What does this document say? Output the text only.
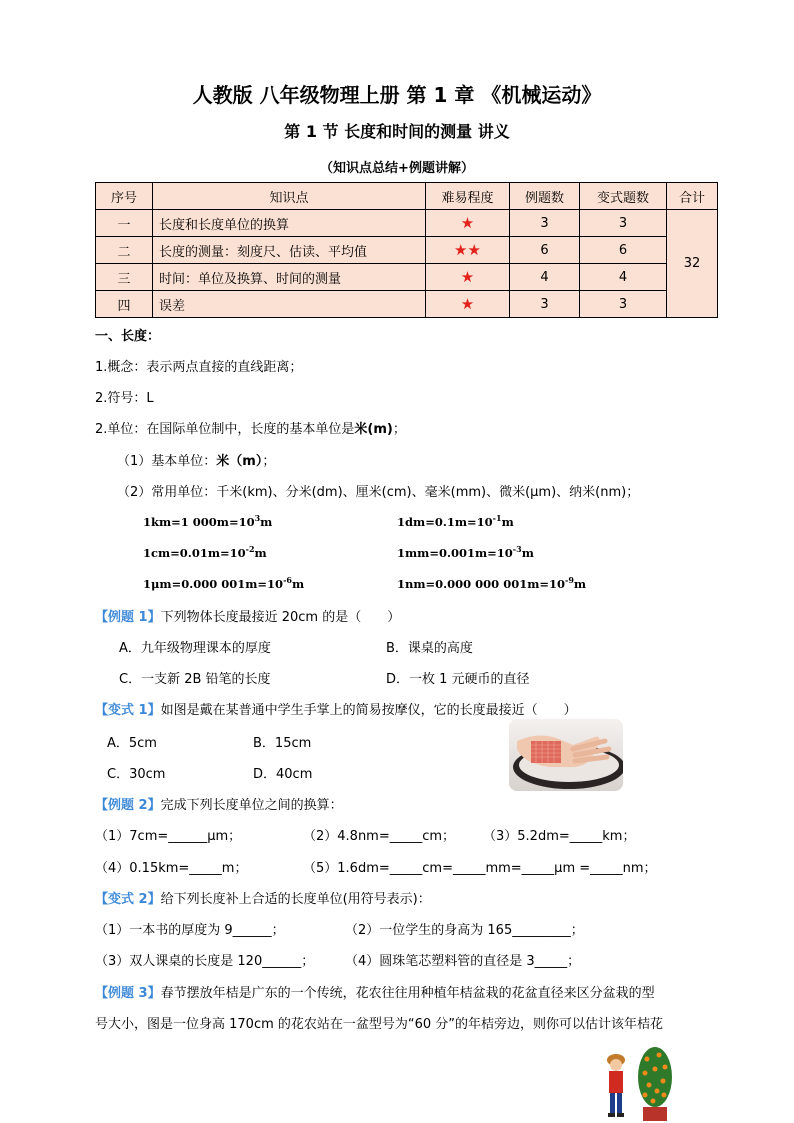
人教版 八年级物理上册 第 1 章 《机械运动》
第 1 节 长度和时间的测量 讲义
（知识点总结+例题讲解）
序号	知识点	难易程度	例题数	变式题数	合计
一	长度和长度单位的换算	★	3	3	32
二	长度的测量：刻度尺、估读、平均值	★★	6	6	
三	时间：单位及换算、时间的测量	★	4	4	
四	误差	★	3	3	
一、长度：
1.概念：表示两点直接的直线距离；
2.符号：L
2.单位：在国际单位制中，长度的基本单位是米(m)；
（1）基本单位：米（m）；
（2）常用单位：千米(km)、分米(dm)、厘米(cm)、毫米(mm)、微米(μm)、纳米(nm)；
1km=1 $000m=10^3m$	$1dm=0.1m=10^{-1}m$
$1cm=0.01m=10^{-2}m$	$1mm=0.001m=10^{-3}m$
1μm=0.000 $001m=10^{-6}m$	1nm=0.000 000 $001m=10^{-9}m$
【例题 1】下列物体长度最接近 20cm 的是（　　）
A．九年级物理课本的厚度	B．课桌的高度
C．一支新 2B 铅笔的长度	D．一枚 1 元硬币的直径
【变式 1】如图是戴在某普通中学生手掌上的简易按摩仪，它的长度最接近（　　）
A．5cm	B．15cm
C．30cm	D．40cm
【例题 2】完成下列长度单位之间的换算：
（1）7cm=______μm；	（2）4.8nm=_____cm； （3）5.2dm=_____km；
（4）0.15km=_____m；	（5）1.6dm=_____cm=_____mm=_____μm =_____nm；
【变式 2】给下列长度补上合适的长度单位(用符号表示)：
（1）一本书的厚度为 9______；	（2）一位学生的身高为 165_________；
（3）双人课桌的长度是 120______； （4）圆珠笔芯塑料管的直径是 3_____；
【例题 3】春节摆放年桔是广东的一个传统，花农往往用种植年桔盆栽的花盆直径来区分盆栽的型
号大小，图是一位身高 170cm 的花农站在一盆型号为“60 分”的年桔旁边，则你可以估计该年桔花
